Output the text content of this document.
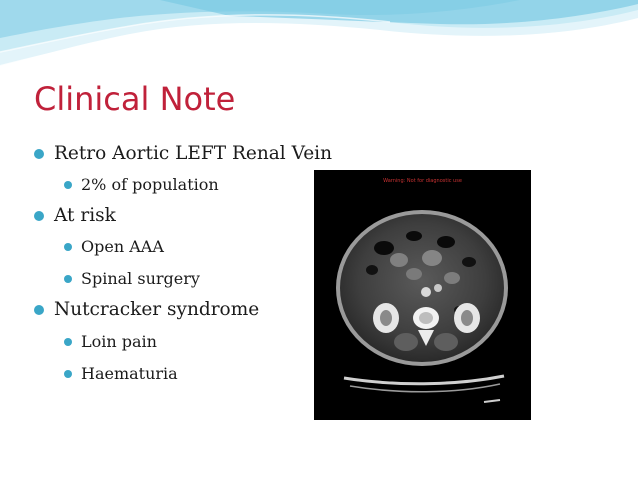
Clinical Note
Retro Aortic LEFT Renal Vein
2% of population
At risk
Open AAA
Spinal surgery
Nutcracker syndrome
Loin pain
Haematuria
Warning: Not for diagnostic use
